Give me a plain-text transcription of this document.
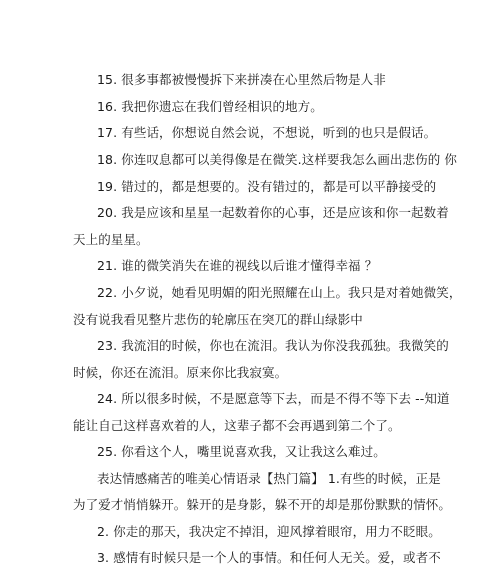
15. 很多事都被慢慢拆下来拼凑在心里然后物是人非
16. 我把你遗忘在我们曾经相识的地方。
17. 有些话，你想说自然会说，不想说，听到的也只是假话。
18. 你连叹息都可以美得像是在微笑.这样要我怎么画出悲伤的 你
19. 错过的，都是想要的。没有错过的，都是可以平静接受的
20. 我是应该和星星一起数着你的心事，还是应该和你一起数着
天上的星星。
21. 谁的微笑消失在谁的视线以后谁才懂得幸福 ？
22. 小夕说，她看见明媚的阳光照耀在山上。我只是对着她微笑，
没有说我看见整片悲伤的轮廓压在突兀的群山绿影中
23. 我流泪的时候，你也在流泪。我认为你没我孤独。我微笑的
时候，你还在流泪。原来你比我寂寞。
24. 所以很多时候，不是愿意等下去，而是不得不等下去 --知道
能让自己这样喜欢着的人，这辈子都不会再遇到第二个了。
25. 你看这个人，嘴里说喜欢我，又让我这么难过。
表达情感痛苦的唯美心情语录【热门篇】 1.有些的时候，正是
为了爱才悄悄躲开。躲开的是身影，躲不开的却是那份默默的情怀。
2. 你走的那天，我决定不掉泪，迎风撑着眼帘，用力不眨眼。
3. 感情有时候只是一个人的事情。和任何人无关。爱，或者不
